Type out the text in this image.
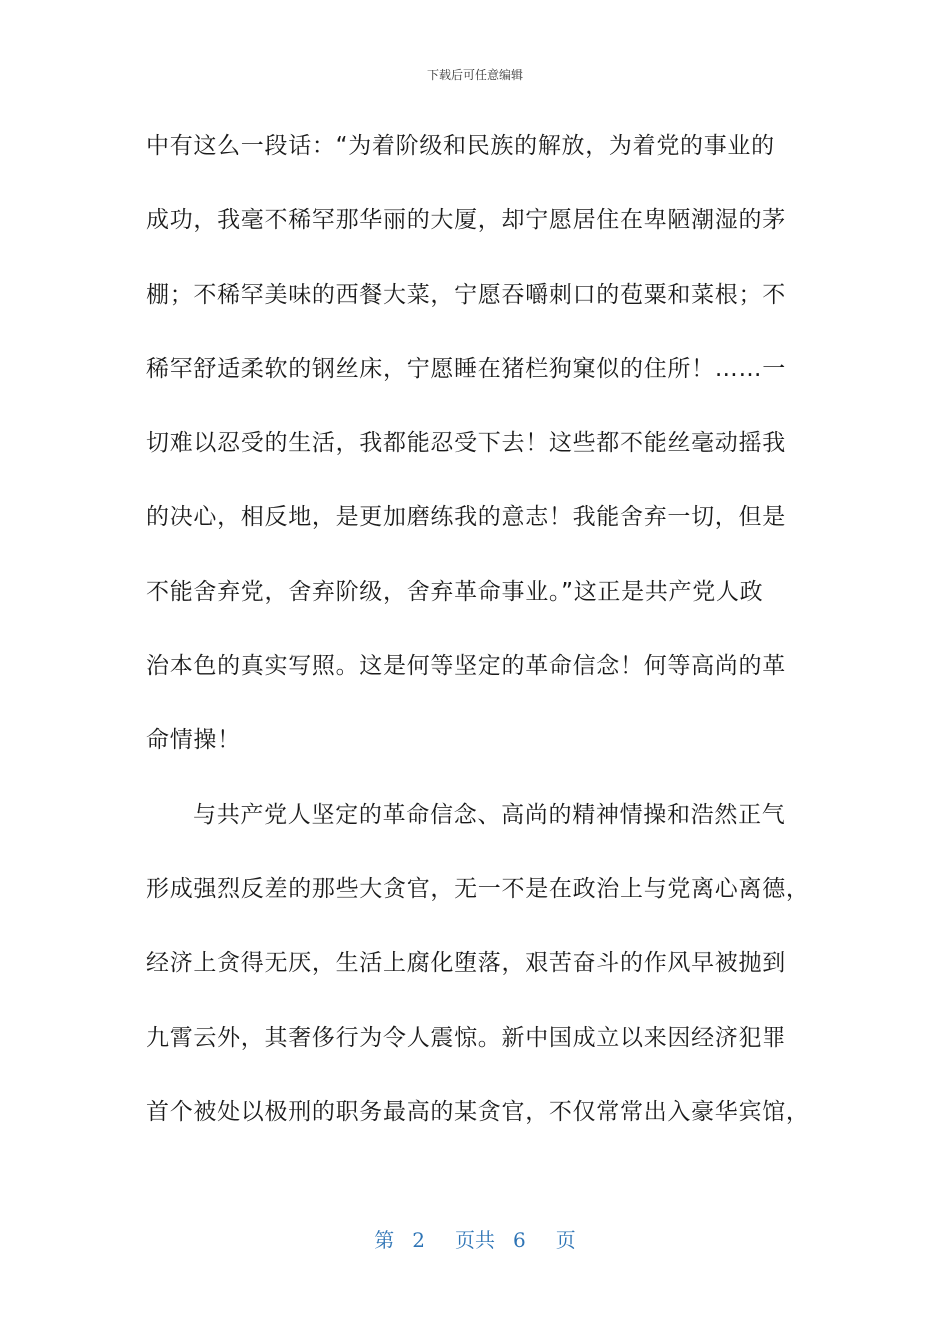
下载后可任意编辑
中有这么一段话：“为着阶级和民族的解放，为着党的事业的
成功，我毫不稀罕那华丽的大厦，却宁愿居住在卑陋潮湿的茅
棚；不稀罕美味的西餐大菜，宁愿吞嚼刺口的苞粟和菜根；不
稀罕舒适柔软的钢丝床，宁愿睡在猪栏狗窠似的住所！……一
切难以忍受的生活，我都能忍受下去！这些都不能丝毫动摇我
的决心，相反地，是更加磨练我的意志！我能舍弃一切，但是
不能舍弃党，舍弃阶级，舍弃革命事业。”这正是共产党人政
治本色的真实写照。这是何等坚定的革命信念！何等高尚的革
命情操！
与共产党人坚定的革命信念、高尚的精神情操和浩然正气
形成强烈反差的那些大贪官，无一不是在政治上与党离心离德，
经济上贪得无厌，生活上腐化堕落，艰苦奋斗的作风早被抛到
九霄云外，其奢侈行为令人震惊。新中国成立以来因经济犯罪
首个被处以极刑的职务最高的某贪官，不仅常常出入豪华宾馆，
第 2 页共 6 页
